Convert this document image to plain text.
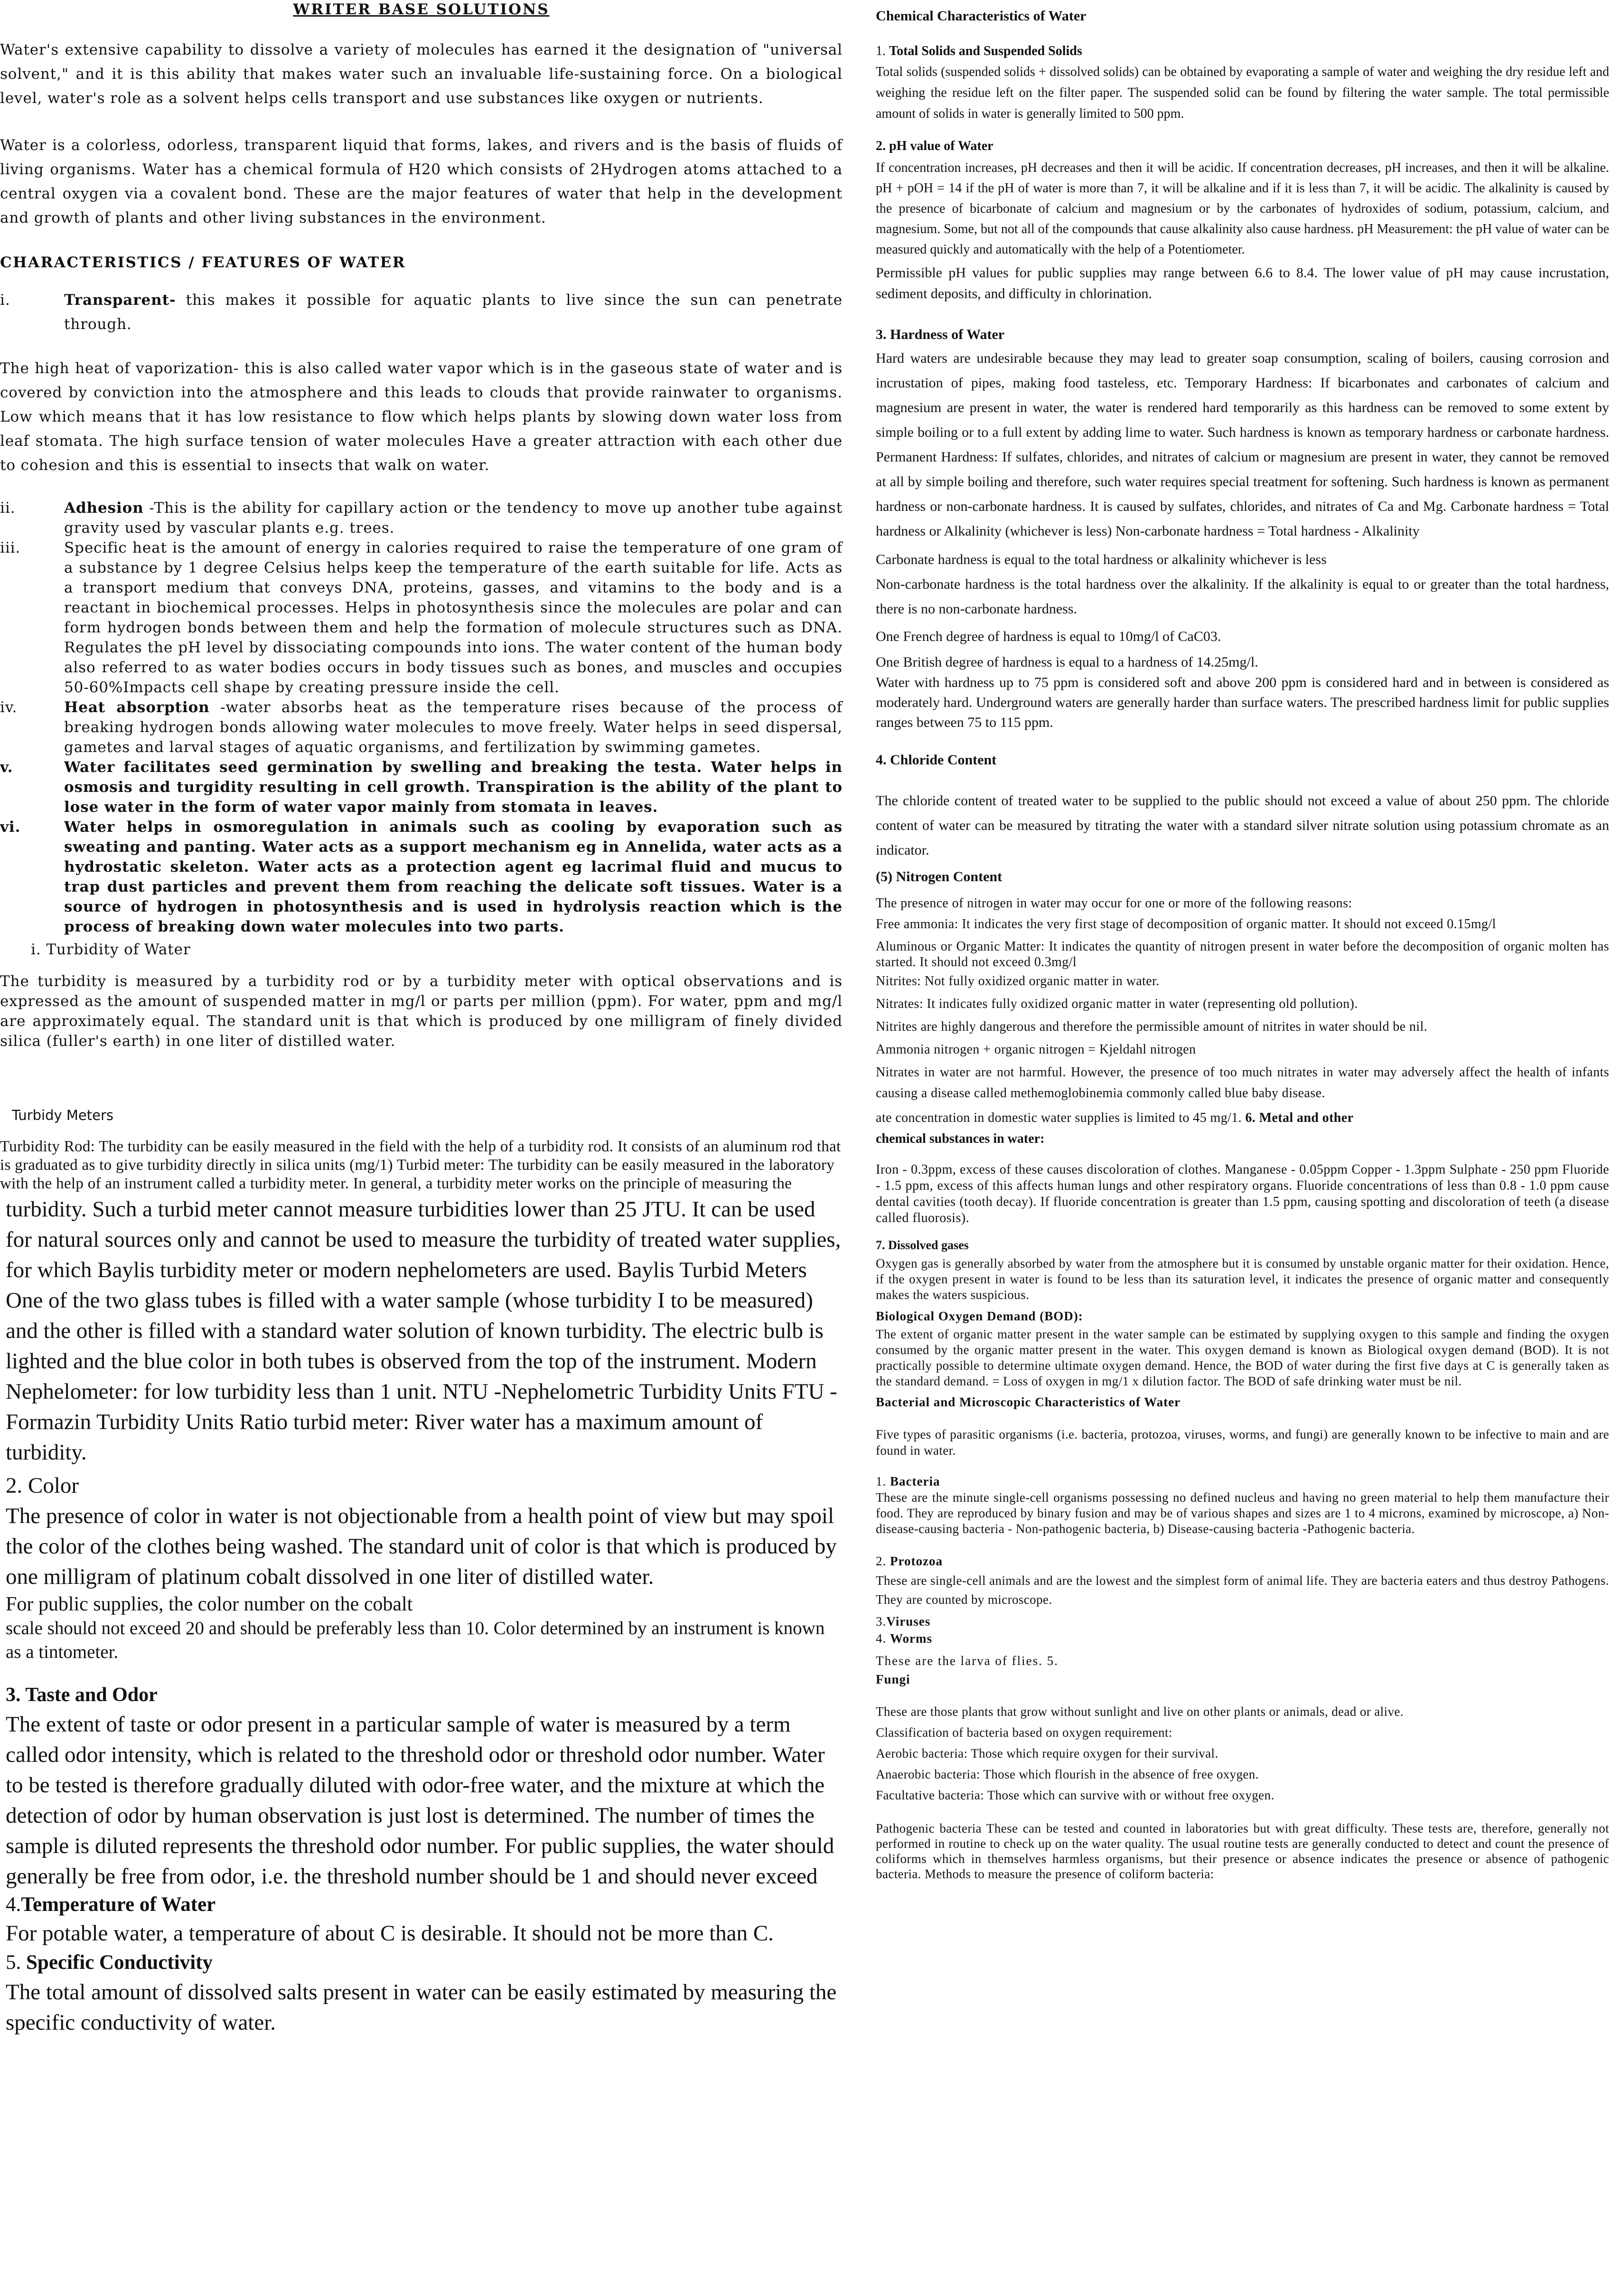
WRITER BASE SOLUTIONS

Water's extensive capability to dissolve a variety of molecules has earned it the designation of "universal solvent," and it is this ability that makes water such an invaluable life-sustaining force. On a biological level, water's role as a solvent helps cells transport and use substances like oxygen or nutrients.

Water is a colorless, odorless, transparent liquid that forms, lakes, and rivers and is the basis of fluids of living organisms. Water has a chemical formula of H20 which consists of 2Hydrogen atoms attached to a central oxygen via a covalent bond. These are the major features of water that help in the development and growth of plants and other living substances in the environment.

CHARACTERISTICS / FEATURES OF WATER
i.	Transparent- this makes it possible for aquatic plants to live since the sun can penetrate through.

The high heat of vaporization- this is also called water vapor which is in the gaseous state of water and is covered by conviction into the atmosphere and this leads to clouds that provide rainwater to organisms. Low which means that it has low resistance to flow which helps plants by slowing down water loss from leaf stomata. The high surface tension of water molecules Have a greater attraction with each other due to cohesion and this is essential to insects that walk on water.

ii.	Adhesion -This is the ability for capillary action or the tendency to move up another tube against gravity used by vascular plants e.g. trees.
iii.	Specific heat is the amount of energy in calories required to raise the temperature of one gram of a substance by 1 degree Celsius helps keep the temperature of the earth suitable for life. Acts as a transport medium that conveys DNA, proteins, gasses, and vitamins to the body and is a reactant in biochemical processes. Helps in photosynthesis since the molecules are polar and can form hydrogen bonds between them and help the formation of molecule structures such as DNA. Regulates the pH level by dissociating compounds into ions. The water content of the human body also referred to as water bodies occurs in body tissues such as bones, and muscles and occupies 50-60%Impacts cell shape by creating pressure inside the cell.
iv.	Heat absorption -water absorbs heat as the temperature rises because of the process of breaking hydrogen bonds allowing water molecules to move freely. Water helps in seed dispersal, gametes and larval stages of aquatic organisms, and fertilization by swimming gametes.
v.	Water facilitates seed germination by swelling and breaking the testa. Water helps in osmosis and turgidity resulting in cell growth. Transpiration is the ability of the plant to lose water in the form of water vapor mainly from stomata in leaves.
vi.	Water helps in osmoregulation in animals such as cooling by evaporation such as sweating and panting. Water acts as a support mechanism eg in Annelida, water acts as a hydrostatic skeleton. Water acts as a protection agent eg lacrimal fluid and mucus to trap dust particles and prevent them from reaching the delicate soft tissues. Water is a source of hydrogen in photosynthesis and is used in hydrolysis reaction which is the process of breaking down water molecules into two parts.
i. Turbidity of Water

The turbidity is measured by a turbidity rod or by a turbidity meter with optical observations and is expressed as the amount of suspended matter in mg/l or parts per million (ppm). For water, ppm and mg/l are approximately equal. The standard unit is that which is produced by one milligram of finely divided silica (fuller's earth) in one liter of distilled water.

Turbidy Meters

Turbidity Rod: The turbidity can be easily measured in the field with the help of a turbidity rod. It consists of an aluminum rod that is graduated as to give turbidity directly in silica units (mg/1) Turbid meter: The turbidity can be easily measured in the laboratory with the help of an instrument called a turbidity meter. In general, a turbidity meter works on the principle of measuring the

turbidity. Such a turbid meter cannot measure turbidities lower than 25 JTU. It can be used for natural sources only and cannot be used to measure the turbidity of treated water supplies, for which Baylis turbidity meter or modern nephelometers are used. Baylis Turbid Meters One of the two glass tubes is filled with a water sample (whose turbidity I to be measured) and the other is filled with a standard water solution of known turbidity. The electric bulb is lighted and the blue color in both tubes is observed from the top of the instrument. Modern Nephelometer: for low turbidity less than 1 unit. NTU -Nephelometric Turbidity Units FTU - Formazin Turbidity Units Ratio turbid meter: River water has a maximum amount of turbidity.

2. Color

The presence of color in water is not objectionable from a health point of view but may spoil the color of the clothes being washed. The standard unit of color is that which is produced by one milligram of platinum cobalt dissolved in one liter of distilled water.

For public supplies, the color number on the cobalt

scale should not exceed 20 and should be preferably less than 10. Color determined by an instrument is known as a tintometer.

3. Taste and Odor

The extent of taste or odor present in a particular sample of water is measured by a term called odor intensity, which is related to the threshold odor or threshold odor number. Water to be tested is therefore gradually diluted with odor-free water, and the mixture at which the detection of odor by human observation is just lost is determined. The number of times the sample is diluted represents the threshold odor number. For public supplies, the water should generally be free from odor, i.e. the threshold number should be 1 and should never exceed

4.Temperature of Water

For potable water, a temperature of about C is desirable. It should not be more than C.

5. Specific Conductivity

The total amount of dissolved salts present in water can be easily estimated by measuring the specific conductivity of water.

Chemical Characteristics of Water
1. Total Solids and Suspended Solids

Total solids (suspended solids + dissolved solids) can be obtained by evaporating a sample of water and weighing the dry residue left and weighing the residue left on the filter paper. The suspended solid can be found by filtering the water sample. The total permissible amount of solids in water is generally limited to 500 ppm.

2. pH value of Water

If concentration increases, pH decreases and then it will be acidic. If concentration decreases, pH increases, and then it will be alkaline. pH + pOH = 14 if the pH of water is more than 7, it will be alkaline and if it is less than 7, it will be acidic. The alkalinity is caused by the presence of bicarbonate of calcium and magnesium or by the carbonates of hydroxides of sodium, potassium, calcium, and magnesium. Some, but not all of the compounds that cause alkalinity also cause hardness. pH Measurement: the pH value of water can be measured quickly and automatically with the help of a Potentiometer.

Permissible pH values for public supplies may range between 6.6 to 8.4. The lower value of pH may cause incrustation, sediment deposits, and difficulty in chlorination.

3. Hardness of Water

Hard waters are undesirable because they may lead to greater soap consumption, scaling of boilers, causing corrosion and incrustation of pipes, making food tasteless, etc. Temporary Hardness: If bicarbonates and carbonates of calcium and magnesium are present in water, the water is rendered hard temporarily as this hardness can be removed to some extent by simple boiling or to a full extent by adding lime to water. Such hardness is known as temporary hardness or carbonate hardness. Permanent Hardness: If sulfates, chlorides, and nitrates of calcium or magnesium are present in water, they cannot be removed at all by simple boiling and therefore, such water requires special treatment for softening. Such hardness is known as permanent hardness or non-carbonate hardness. It is caused by sulfates, chlorides, and nitrates of Ca and Mg. Carbonate hardness = Total hardness or Alkalinity (whichever is less) Non-carbonate hardness = Total hardness - Alkalinity

Carbonate hardness is equal to the total hardness or alkalinity whichever is less

Non-carbonate hardness is the total hardness over the alkalinity. If the alkalinity is equal to or greater than the total hardness, there is no non-carbonate hardness.

One French degree of hardness is equal to 10mg/l of CaC03.

One British degree of hardness is equal to a hardness of 14.25mg/l.

Water with hardness up to 75 ppm is considered soft and above 200 ppm is considered hard and in between is considered as moderately hard. Underground waters are generally harder than surface waters. The prescribed hardness limit for public supplies ranges between 75 to 115 ppm.

4. Chloride Content

The chloride content of treated water to be supplied to the public should not exceed a value of about 250 ppm. The chloride content of water can be measured by titrating the water with a standard silver nitrate solution using potassium chromate as an indicator.

(5) Nitrogen Content

The presence of nitrogen in water may occur for one or more of the following reasons:

Free ammonia: It indicates the very first stage of decomposition of organic matter. It should not exceed 0.15mg/l

Aluminous or Organic Matter: It indicates the quantity of nitrogen present in water before the decomposition of organic molten has started. It should not exceed 0.3mg/l

Nitrites: Not fully oxidized organic matter in water.

Nitrates: It indicates fully oxidized organic matter in water (representing old pollution).

Nitrites are highly dangerous and therefore the permissible amount of nitrites in water should be nil.

Ammonia nitrogen + organic nitrogen = Kjeldahl nitrogen

Nitrates in water are not harmful. However, the presence of too much nitrates in water may adversely affect the health of infants causing a disease called methemoglobinemia commonly called blue baby disease.

ate concentration in domestic water supplies is limited to 45 mg/1. 6. Metal and other

chemical substances in water:

Iron - 0.3ppm, excess of these causes discoloration of clothes. Manganese - 0.05ppm Copper - 1.3ppm Sulphate - 250 ppm Fluoride - 1.5 ppm, excess of this affects human lungs and other respiratory organs. Fluoride concentrations of less than 0.8 - 1.0 ppm cause dental cavities (tooth decay). If fluoride concentration is greater than 1.5 ppm, causing spotting and discoloration of teeth (a disease called fluorosis).

7. Dissolved gases

Oxygen gas is generally absorbed by water from the atmosphere but it is consumed by unstable organic matter for their oxidation. Hence, if the oxygen present in water is found to be less than its saturation level, it indicates the presence of organic matter and consequently makes the waters suspicious.

Biological Oxygen Demand (BOD):

The extent of organic matter present in the water sample can be estimated by supplying oxygen to this sample and finding the oxygen consumed by the organic matter present in the water. This oxygen demand is known as Biological oxygen demand (BOD). It is not practically possible to determine ultimate oxygen demand. Hence, the BOD of water during the first five days at C is generally taken as the standard demand. = Loss of oxygen in mg/1 x dilution factor. The BOD of safe drinking water must be nil.

Bacterial and Microscopic Characteristics of Water

Five types of parasitic organisms (i.e. bacteria, protozoa, viruses, worms, and fungi) are generally known to be infective to main and are found in water.

1. Bacteria

These are the minute single-cell organisms possessing no defined nucleus and having no green material to help them manufacture their food. They are reproduced by binary fusion and may be of various shapes and sizes are 1 to 4 microns, examined by microscope, a) Non-disease-causing bacteria - Non-pathogenic bacteria, b) Disease-causing bacteria -Pathogenic bacteria.

2. Protozoa

These are single-cell animals and are the lowest and the simplest form of animal life. They are bacteria eaters and thus destroy Pathogens. They are counted by microscope.

3.Viruses
4. Worms

These are the larva of flies. 5.

Fungi

These are those plants that grow without sunlight and live on other plants or animals, dead or alive.

Classification of bacteria based on oxygen requirement:

Aerobic bacteria: Those which require oxygen for their survival.

Anaerobic bacteria: Those which flourish in the absence of free oxygen.

Facultative bacteria: Those which can survive with or without free oxygen.

Pathogenic bacteria These can be tested and counted in laboratories but with great difficulty. These tests are, therefore, generally not performed in routine to check up on the water quality. The usual routine tests are generally conducted to detect and count the presence of coliforms which in themselves harmless organisms, but their presence or absence indicates the presence or absence of pathogenic bacteria. Methods to measure the presence of coliform bacteria:
